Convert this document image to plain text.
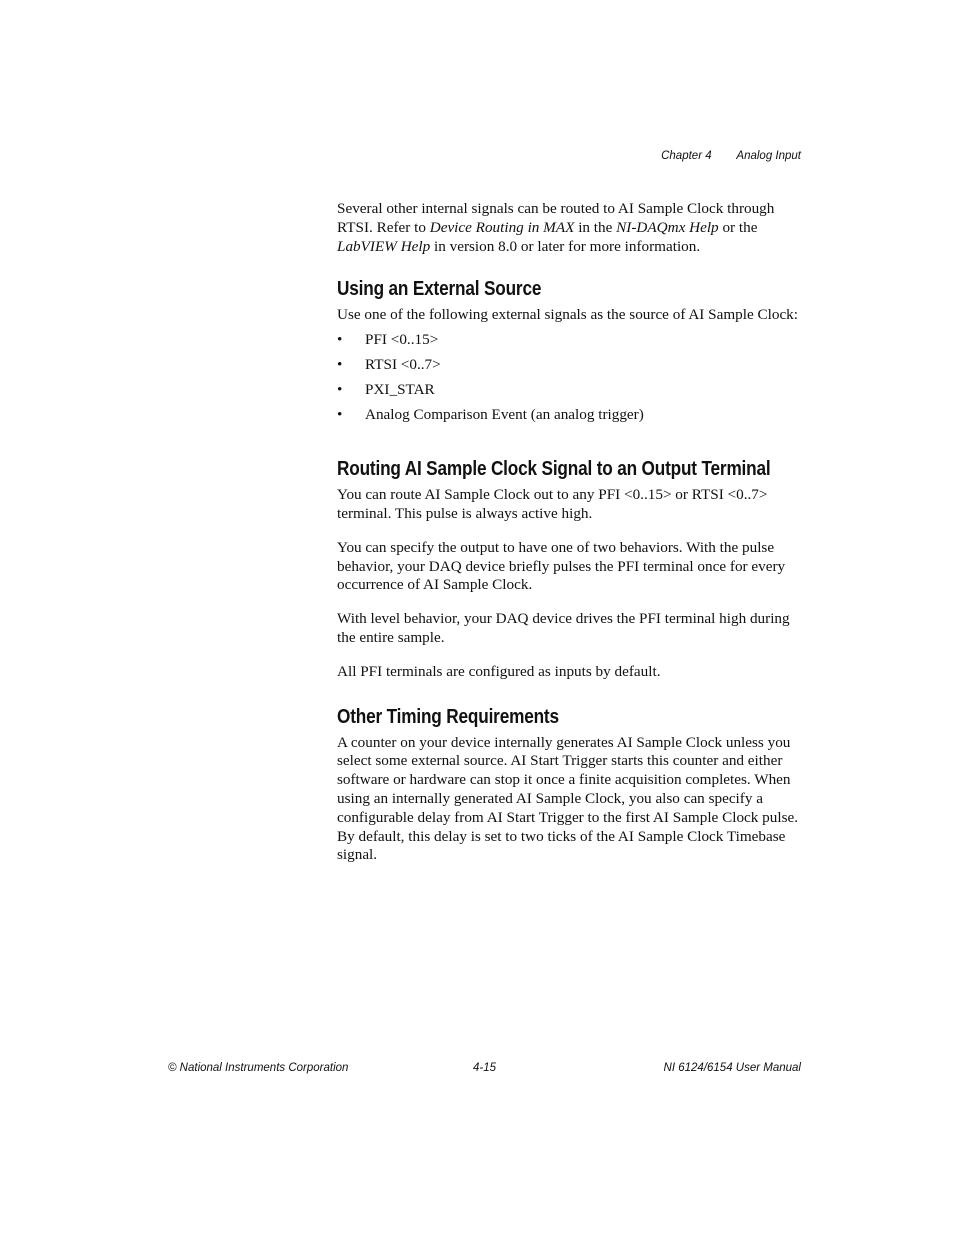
Chapter 4 Analog Input

Several other internal signals can be routed to AI Sample Clock through RTSI. Refer to Device Routing in MAX in the NI-DAQmx Help or the LabVIEW Help in version 8.0 or later for more information.

Using an External Source

Use one of the following external signals as the source of AI Sample Clock:

• PFI <0..15>
• RTSI <0..7>
• PXI_STAR
• Analog Comparison Event (an analog trigger)
Routing AI Sample Clock Signal to an Output Terminal

You can route AI Sample Clock out to any PFI <0..15> or RTSI <0..7> terminal. This pulse is always active high.

You can specify the output to have one of two behaviors. With the pulse behavior, your DAQ device briefly pulses the PFI terminal once for every occurrence of AI Sample Clock.

With level behavior, your DAQ device drives the PFI terminal high during the entire sample.

All PFI terminals are configured as inputs by default.

Other Timing Requirements

A counter on your device internally generates AI Sample Clock unless you select some external source. AI Start Trigger starts this counter and either software or hardware can stop it once a finite acquisition completes. When using an internally generated AI Sample Clock, you also can specify a configurable delay from AI Start Trigger to the first AI Sample Clock pulse. By default, this delay is set to two ticks of the AI Sample Clock Timebase signal.

© National Instruments Corporation	4-15	NI 6124/6154 User Manual
